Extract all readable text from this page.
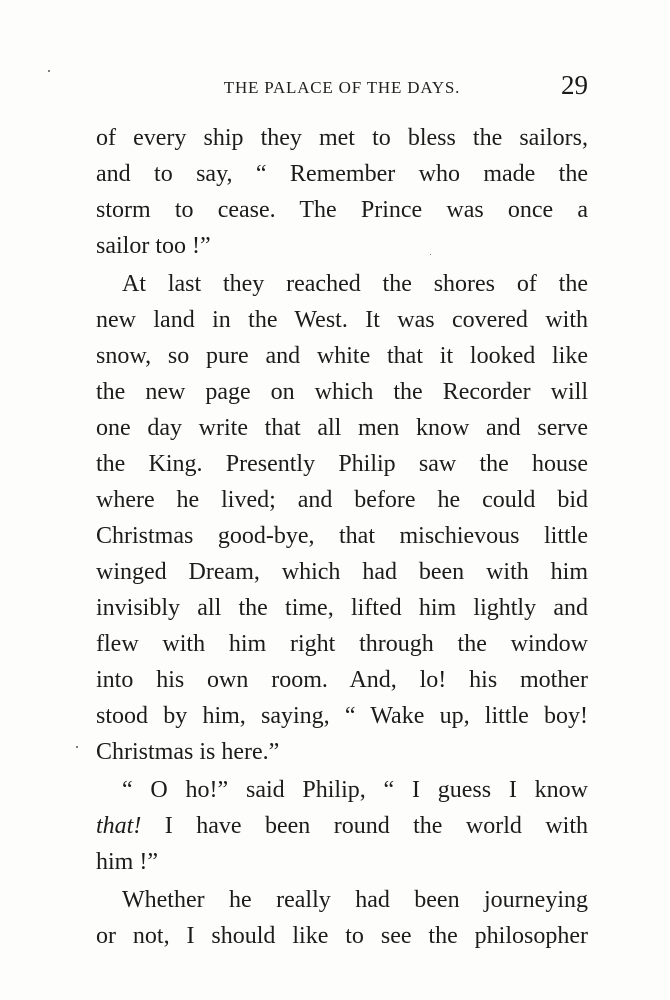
THE PALACE OF THE DAYS.	29
of every ship they met to bless the sailors,
and to say, “ Remember who made the
storm to cease. The Prince was once a
sailor too !”
At last they reached the shores of the
new land in the West. It was covered with
snow, so pure and white that it looked like
the new page on which the Recorder will
one day write that all men know and serve
the King. Presently Philip saw the house
where he lived; and before he could bid
Christmas good-bye, that mischievous little
winged Dream, which had been with him
invisibly all the time, lifted him lightly and
flew with him right through the window
into his own room. And, lo! his mother
stood by him, saying, “ Wake up, little boy!
Christmas is here.”
“ O ho!” said Philip, “ I guess I know
that! I have been round the world with
him !”
Whether he really had been journeying
or not, I should like to see the philosopher
